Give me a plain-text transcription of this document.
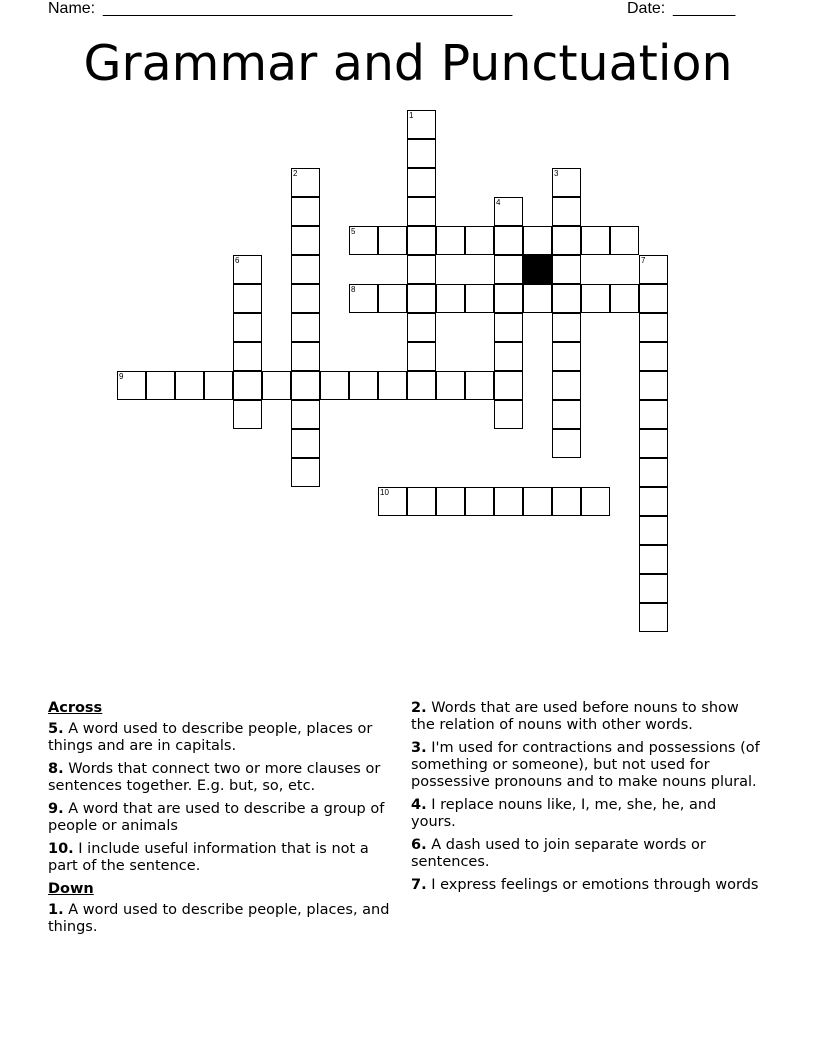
Name: ______________________________________________	Date: _______
Grammar and Punctuation
1
2	3
4
5
6	7
8
9
10
Across
5. A word used to describe people, places or things and are in capitals.
8. Words that connect two or more clauses or sentences together. E.g. but, so, etc.
9. A word that are used to describe a group of people or animals
10. I include useful information that is not a part of the sentence.
Down
1. A word used to describe people, places, and things.
2. Words that are used before nouns to show the relation of nouns with other words.
3. I'm used for contractions and possessions (of something or someone), but not used for possessive pronouns and to make nouns plural.
4. I replace nouns like, I, me, she, he, and yours.
6. A dash used to join separate words or sentences.
7. I express feelings or emotions through words
